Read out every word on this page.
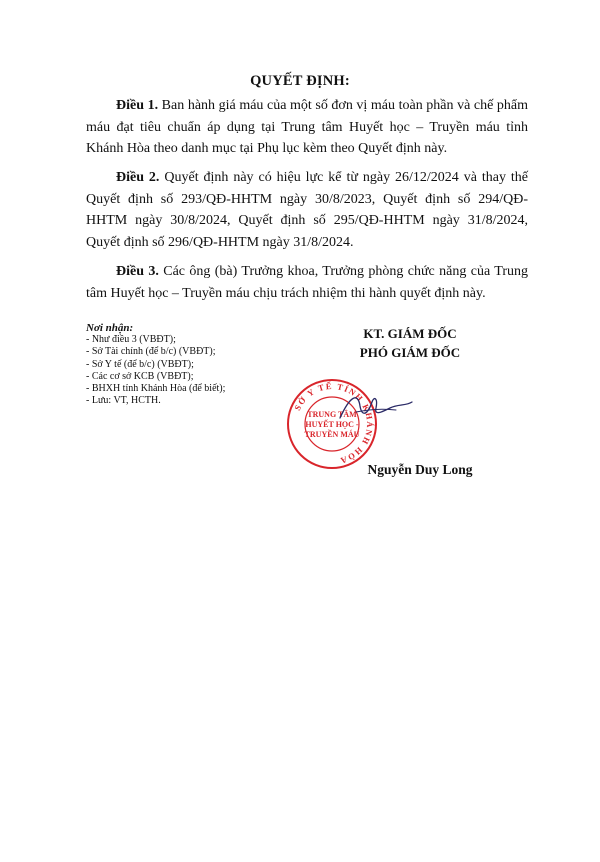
QUYẾT ĐỊNH:
Điều 1. Ban hành giá máu của một số đơn vị máu toàn phần và chế phẩm máu đạt tiêu chuẩn áp dụng tại Trung tâm Huyết học – Truyền máu tỉnh Khánh Hòa theo danh mục tại Phụ lục kèm theo Quyết định này.
Điều 2. Quyết định này có hiệu lực kể từ ngày 26/12/2024 và thay thế Quyết định số 293/QĐ-HHTM ngày 30/8/2023, Quyết định số 294/QĐ-HHTM ngày 30/8/2024, Quyết định số 295/QĐ-HHTM ngày 31/8/2024, Quyết định số 296/QĐ-HHTM ngày 31/8/2024.
Điều 3. Các ông (bà) Trưởng khoa, Trưởng phòng chức năng của Trung tâm Huyết học – Truyền máu chịu trách nhiệm thi hành quyết định này.
Nơi nhận:
- Như điều 3 (VBĐT);
- Sở Tài chính (để b/c) (VBĐT);
- Sở Y tế (để b/c) (VBĐT);
- Các cơ sở KCB (VBĐT);
- BHXH tỉnh Khánh Hòa (để biết);
- Lưu: VT, HCTH.
KT. GIÁM ĐỐC
PHÓ GIÁM ĐỐC
SỞ Y TẾ TỈNH KHÁNH HÒA
TRUNG TÂM
HUYẾT HỌC -
TRUYỀN MÁU
Nguyễn Duy Long
